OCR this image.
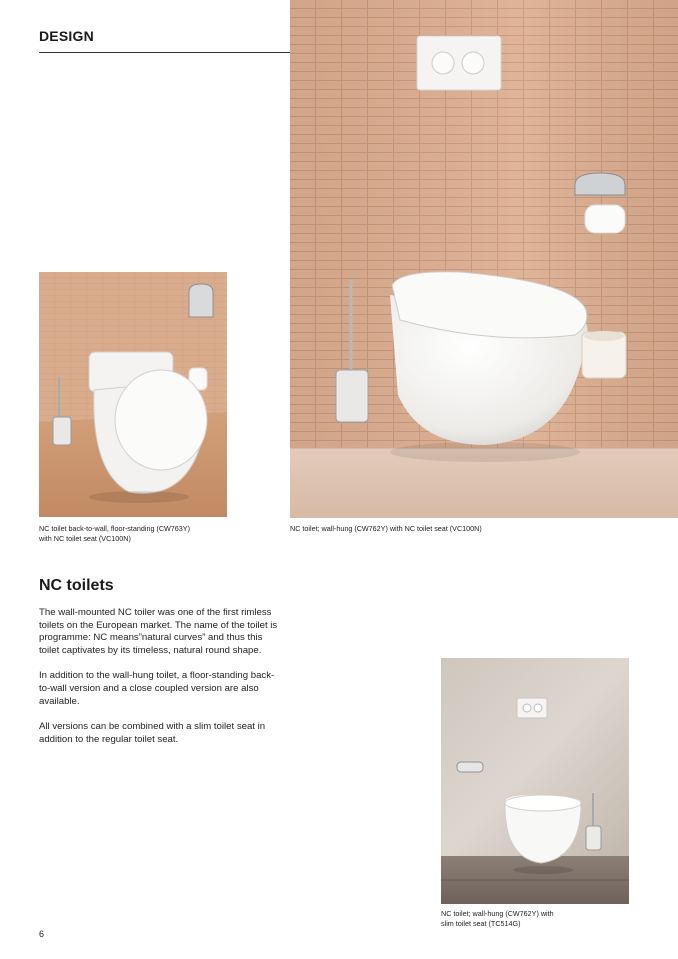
DESIGN
NC toilet back-to-wall, floor-standing (CW763Y)
with NC toilet seat (VC100N)
NC toilet; wall-hung (CW762Y) with NC toilet seat (VC100N)
NC toilet; wall-hung (CW762Y) with
slim toilet seat (TC514G)
NC toilets

The wall-mounted NC toiler was one of the first rimless toilets on the European market. The name of the toilet is programme: NC means”natural curves” and thus this toilet captivates by its timeless, natural round shape.

In addition to the wall-hung toilet, a floor-standing back-to-wall version and a close coupled version are also available.

All versions can be combined with a slim toilet seat in addition to the regular toilet seat.

6
